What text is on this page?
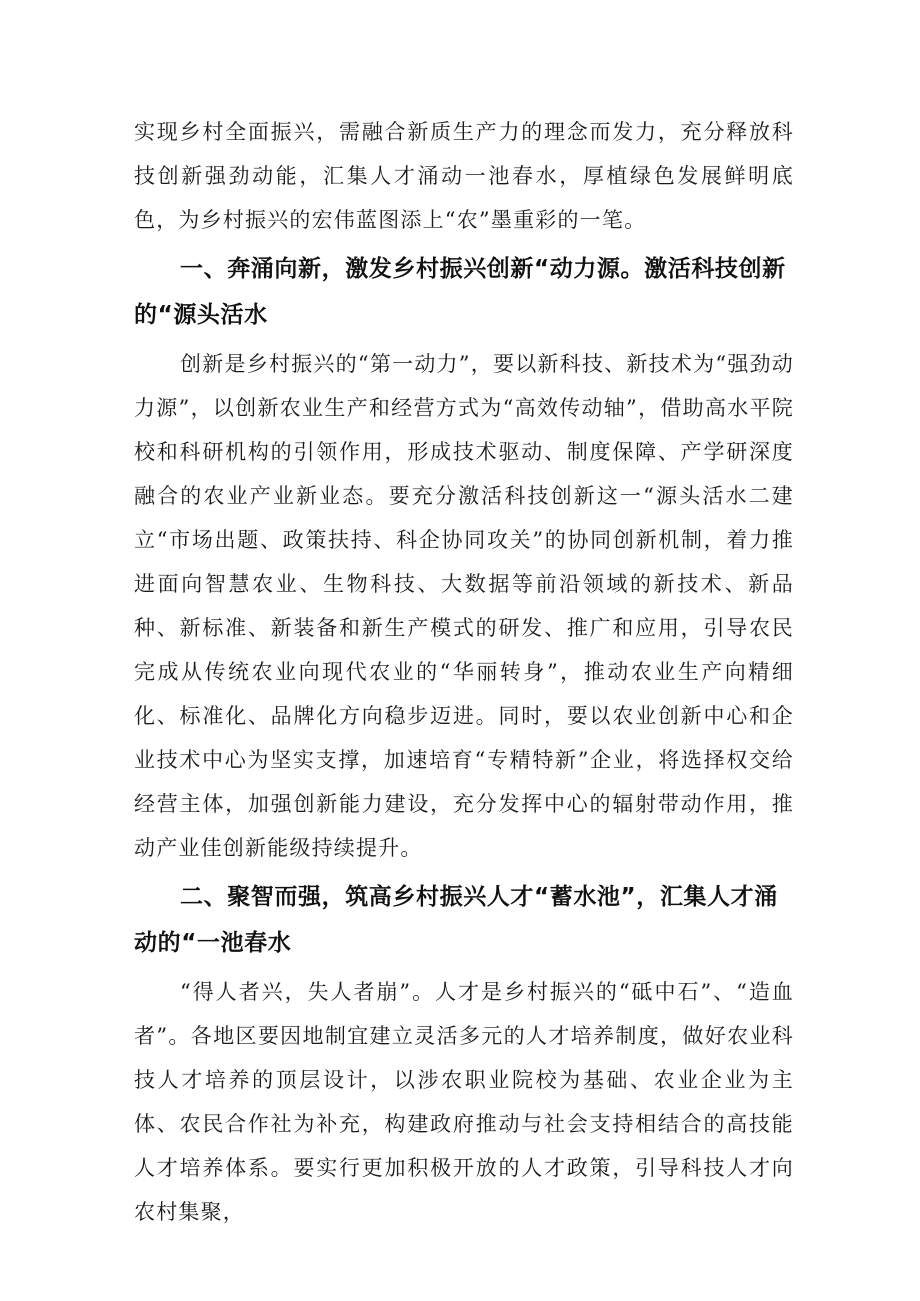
实现乡村全面振兴，需融合新质生产力的理念而发力，充分释放科技创新强劲动能，汇集人才涌动一池春水，厚植绿色发展鲜明底色，为乡村振兴的宏伟蓝图添上“农”墨重彩的一笔。

一、奔涌向新，激发乡村振兴创新“动力源。激活科技创新的“源头活水

创新是乡村振兴的“第一动力”，要以新科技、新技术为“强劲动力源”，以创新农业生产和经营方式为“高效传动轴”，借助高水平院校和科研机构的引领作用，形成技术驱动、制度保障、产学研深度融合的农业产业新业态。要充分激活科技创新这一“源头活水二建立“市场出题、政策扶持、科企协同攻关”的协同创新机制，着力推进面向智慧农业、生物科技、大数据等前沿领域的新技术、新品种、新标准、新装备和新生产模式的研发、推广和应用，引导农民完成从传统农业向现代农业的“华丽转身”，推动农业生产向精细化、标准化、品牌化方向稳步迈进。同时，要以农业创新中心和企业技术中心为坚实支撑，加速培育“专精特新”企业，将选择权交给经营主体，加强创新能力建设，充分发挥中心的辐射带动作用，推动产业佳创新能级持续提升。

二、聚智而强，筑高乡村振兴人才“蓄水池”，汇集人才涌动的“一池春水

“得人者兴，失人者崩”。人才是乡村振兴的“砥中石”、“造血者”。各地区要因地制宜建立灵活多元的人才培养制度，做好农业科技人才培养的顶层设计，以涉农职业院校为基础、农业企业为主体、农民合作社为补充，构建政府推动与社会支持相结合的高技能人才培养体系。要实行更加积极开放的人才政策，引导科技人才向农村集聚，
